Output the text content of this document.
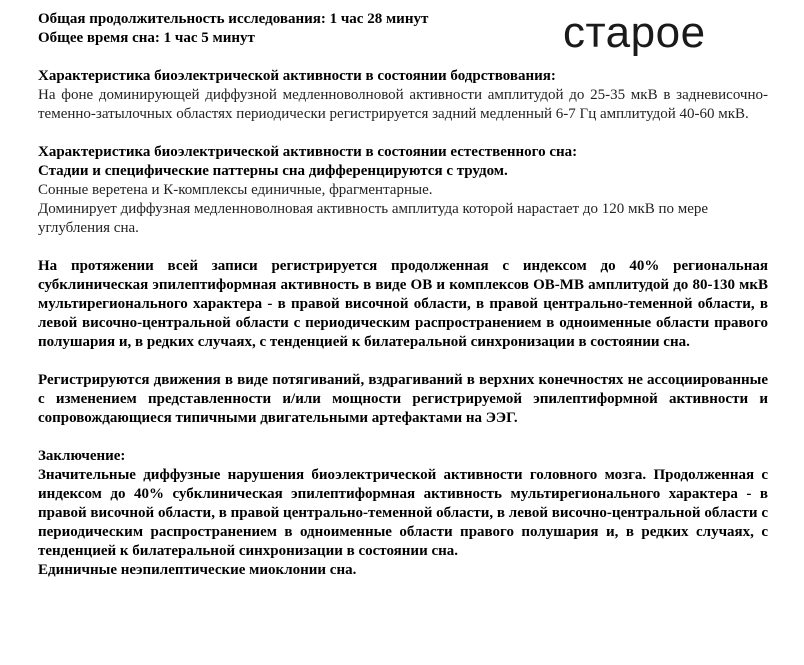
старое
Общая продолжительность исследования: 1 час 28 минут
Общее время сна: 1 час 5 минут
Характеристика биоэлектрической активности в состоянии бодрствования:
На фоне доминирующей диффузной медленноволновой активности амплитудой до 25-35 мкВ в задневисочно-теменно-затылочных областях периодически регистрируется задний медленный 6-7 Гц амплитудой 40-60 мкВ.
Характеристика биоэлектрической активности в состоянии естественного сна:
Стадии и специфические паттерны сна дифференцируются с трудом.
Сонные веретена и К-комплексы единичные, фрагментарные.
Доминирует диффузная медленноволновая активность амплитуда которой нарастает до 120 мкВ по мере углубления сна.
На протяжении всей записи регистрируется продолженная с индексом до 40% региональная субклиническая эпилептиформная активность в виде ОВ и комплексов ОВ-МВ амплитудой до 80-130 мкВ мультирегионального характера - в правой височной области, в правой центрально-теменной области, в левой височно-центральной области с периодическим распространением в одноименные области правого полушария и, в редких случаях, с тенденцией к билатеральной синхронизации в состоянии сна.
Регистрируются движения в виде потягиваний, вздрагиваний в верхних конечностях не ассоциированные с изменением представленности и/или мощности регистрируемой эпилептиформной активности и сопровождающиеся типичными двигательными артефактами на ЭЭГ.
Заключение:
Значительные диффузные нарушения биоэлектрической активности головного мозга. Продолженная с индексом до 40% субклиническая эпилептиформная активность мультирегионального характера - в правой височной области, в правой центрально-теменной области, в левой височно-центральной области с периодическим распространением в одноименные области правого полушария и, в редких случаях, с тенденцией к билатеральной синхронизации в состоянии сна.
Единичные неэпилептические миоклонии сна.
